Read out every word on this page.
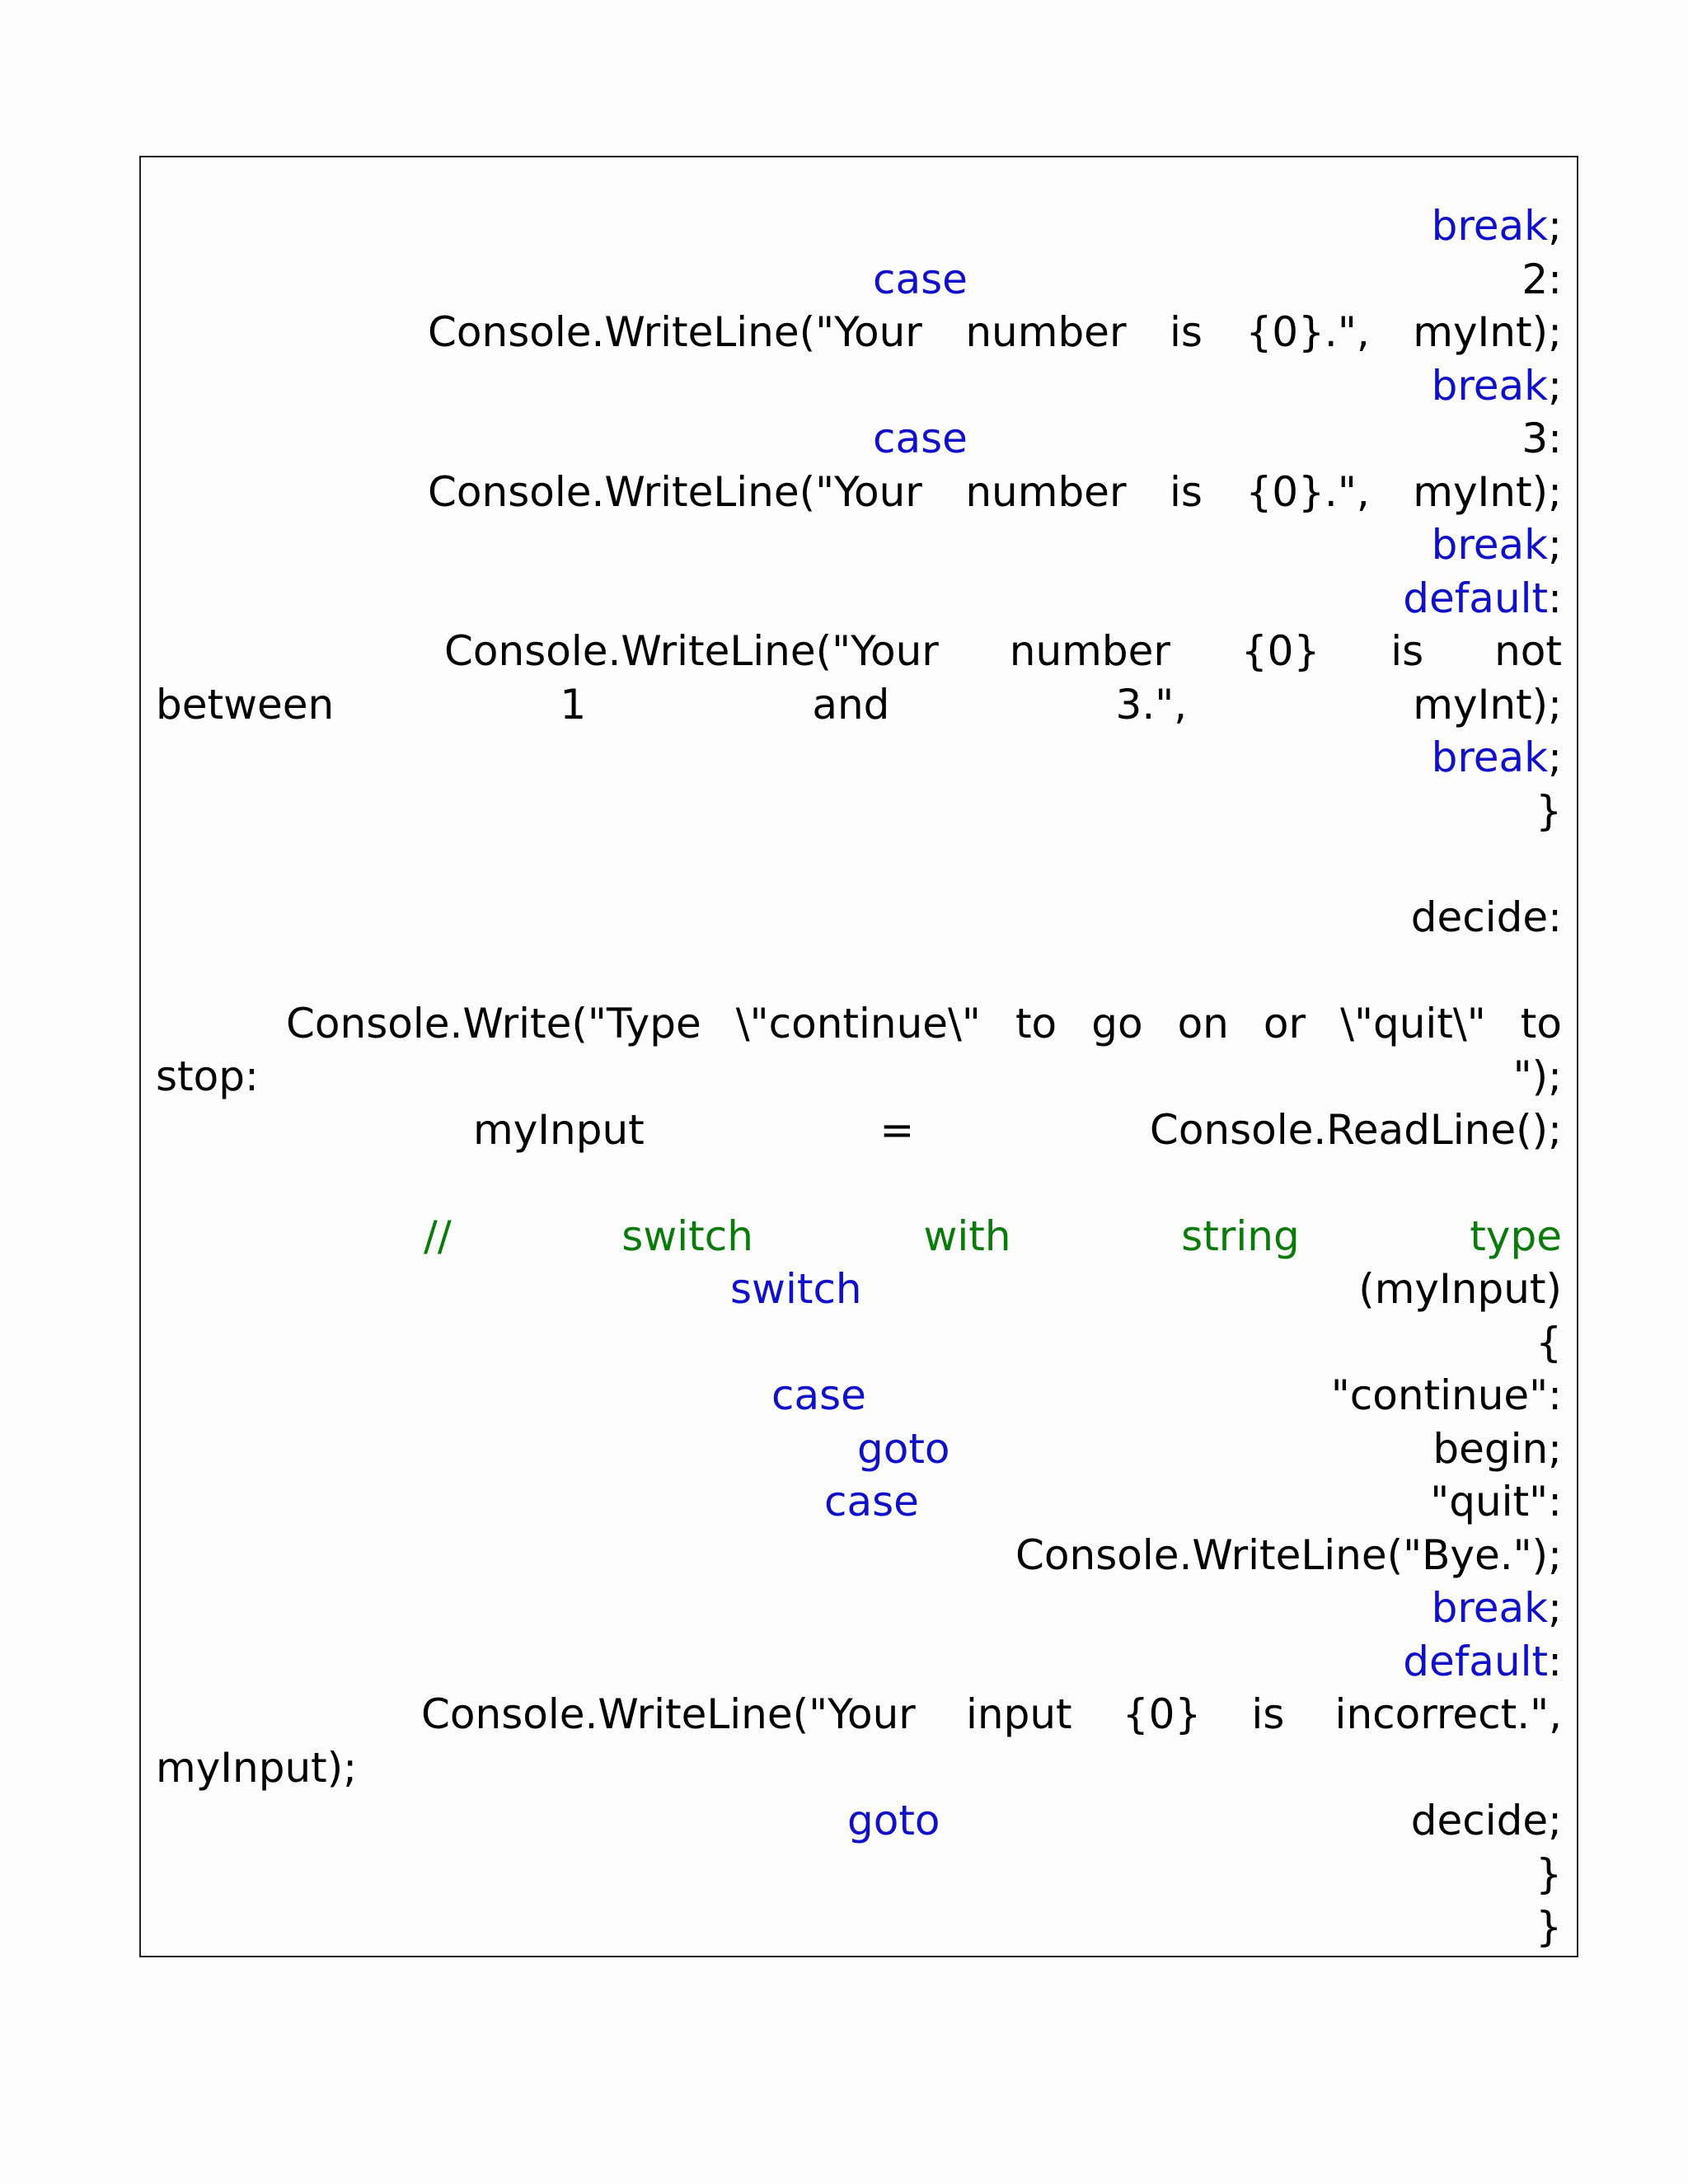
break ;
case	2:
Console.WriteLine("Your number is {0}.", myInt);
break ;
case	3:
Console.WriteLine("Your number is {0}.", myInt);
break ;
default :
Console.WriteLine("Your number {0} is not
between	1	and	3.",	myInt);
break ;
}
decide:
Console.Write("Type \"continue\" to go on or \"quit\" to
stop:	");
myInput	=	Console.ReadLine();
//	switch	with	string	type
switch	(myInput)
{
case	"continue":
goto	begin;
case	"quit":
Console.WriteLine("Bye.");
break ;
default :
Console.WriteLine("Your input {0} is incorrect.",
myInput);
goto	decide;
}
}
